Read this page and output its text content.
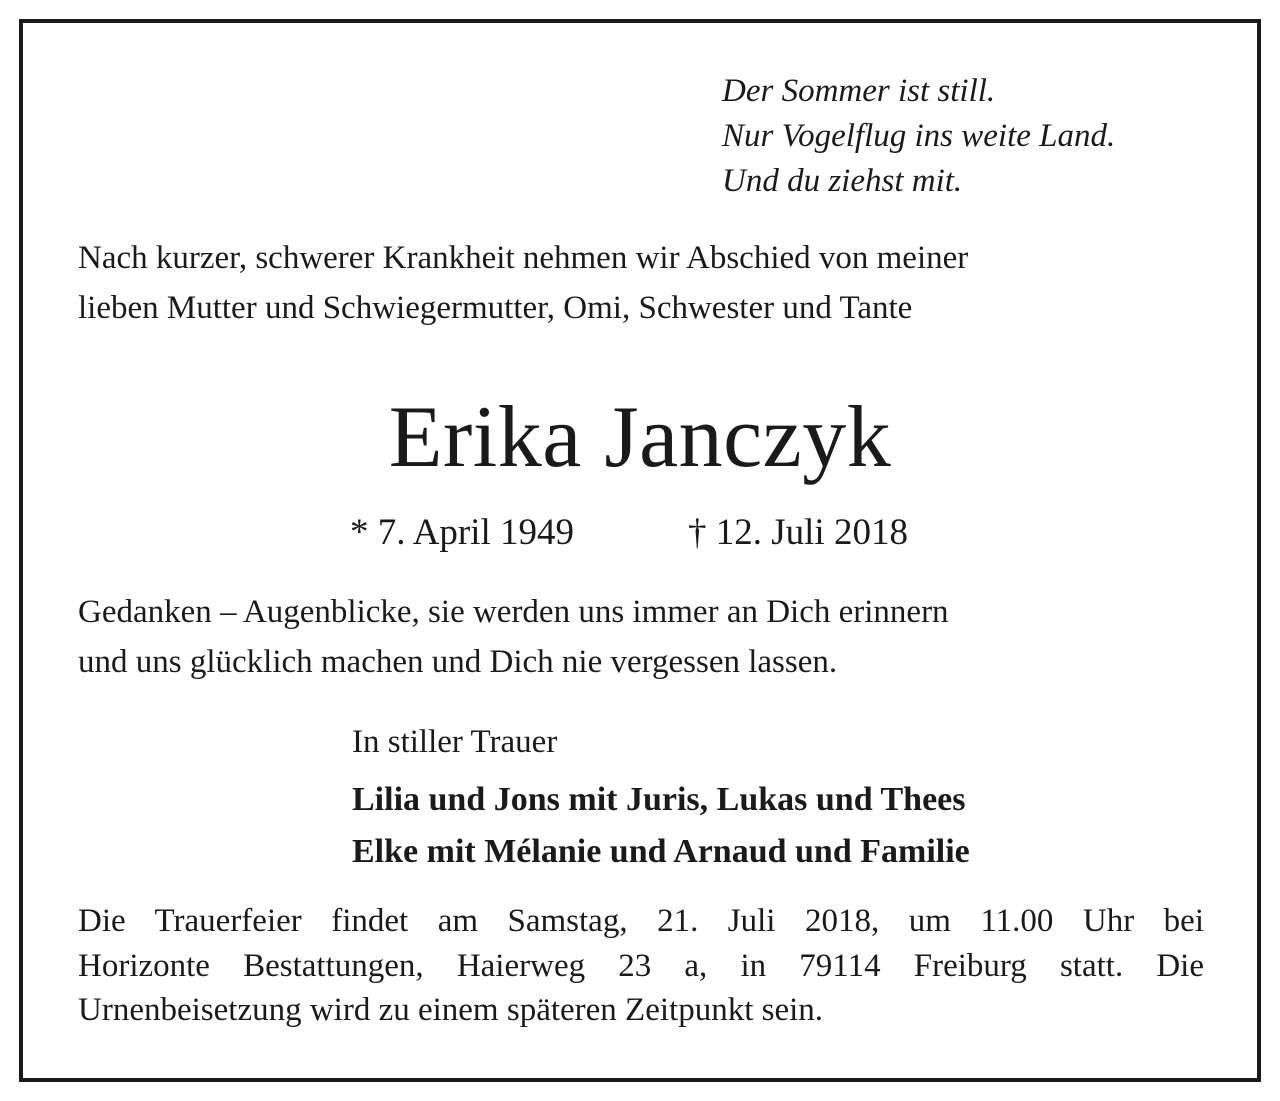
Der Sommer ist still.

Nur Vogelflug ins weite Land.

Und du ziehst mit.

Nach kurzer, schwerer Krankheit nehmen wir Abschied von meiner

lieben Mutter und Schwiegermutter, Omi, Schwester und Tante

Erika Janczyk

* 7. April 1949	† 12. Juli 2018

Gedanken – Augenblicke, sie werden uns immer an Dich erinnern

und uns glücklich machen und Dich nie vergessen lassen.

In stiller Trauer

Lilia und Jons mit Juris, Lukas und Thees

Elke mit Mélanie und Arnaud und Familie

Die Trauerfeier findet am Samstag, 21. Juli 2018, um 11.00 Uhr bei

Horizonte Bestattungen, Haierweg 23 a, in 79114 Freiburg statt. Die

Urnenbeisetzung wird zu einem späteren Zeitpunkt sein.
